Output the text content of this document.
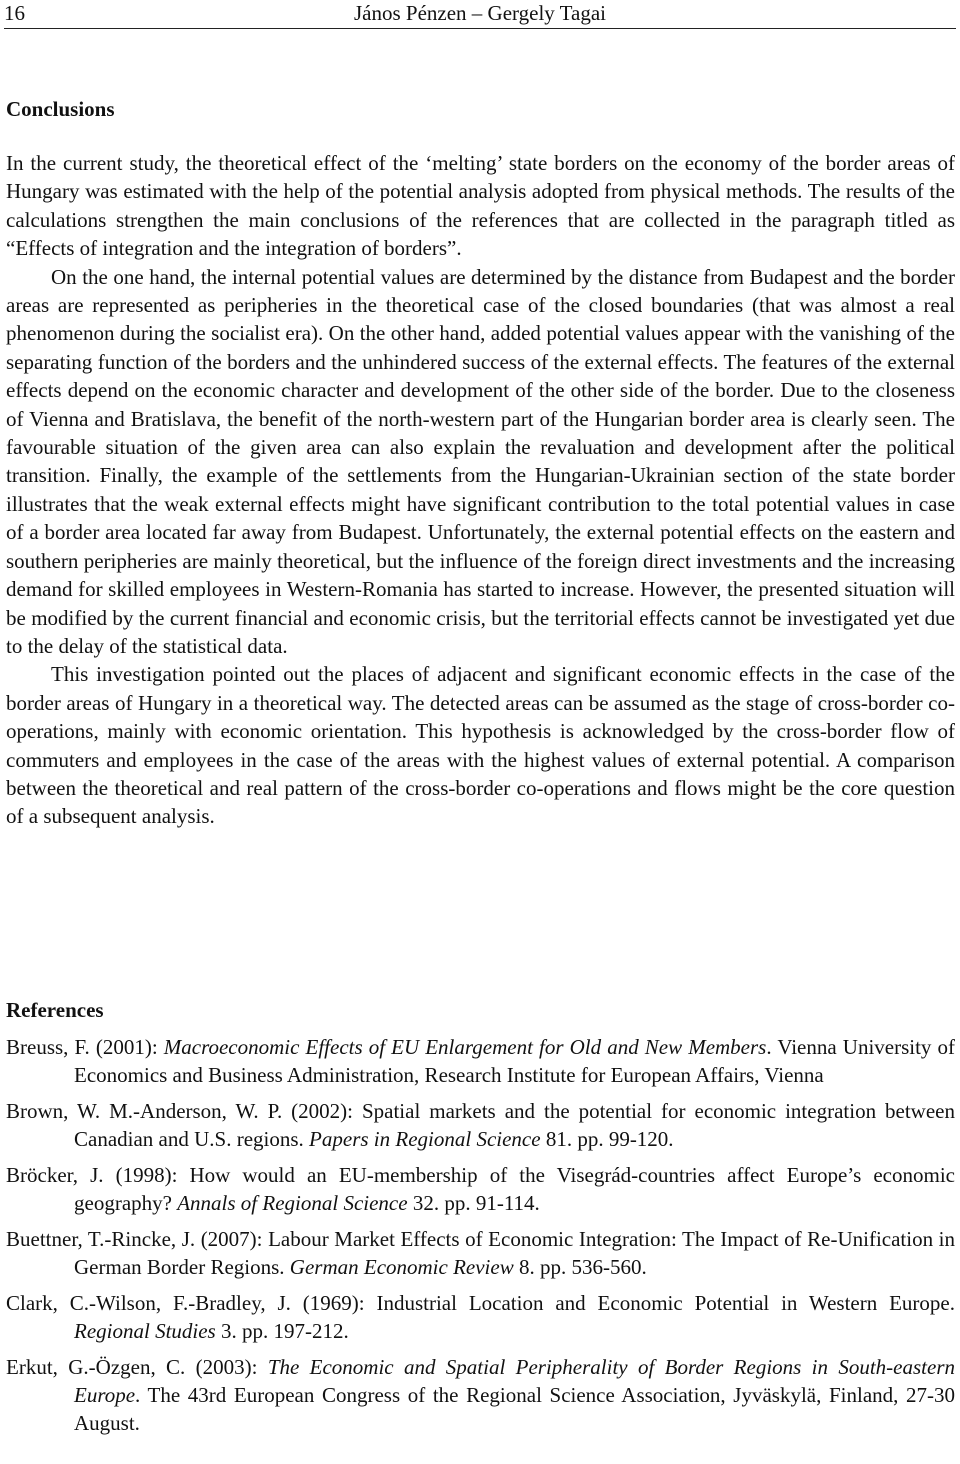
16	János Pénzen – Gergely Tagai
Conclusions

In the current study, the theoretical effect of the ‘melting’ state borders on the economy of the border areas of Hungary was estimated with the help of the potential analysis adopted from physical methods. The results of the calculations strengthen the main conclusions of the references that are collected in the paragraph titled as “Effects of integration and the integration of borders”.

On the one hand, the internal potential values are determined by the distance from Budapest and the border areas are represented as peripheries in the theoretical case of the closed boundaries (that was almost a real phenomenon during the socialist era). On the other hand, added potential values appear with the vanishing of the separating function of the borders and the unhindered success of the external effects. The features of the external effects depend on the economic character and development of the other side of the border. Due to the closeness of Vienna and Bratislava, the benefit of the north-western part of the Hungarian border area is clearly seen. The favourable situation of the given area can also explain the revaluation and development after the political transition. Finally, the example of the settlements from the Hungarian-Ukrainian section of the state border illustrates that the weak external effects might have significant contribution to the total potential values in case of a border area located far away from Budapest. Unfortunately, the external potential effects on the eastern and southern peripheries are mainly theoretical, but the influence of the foreign direct investments and the increasing demand for skilled employees in Western-Romania has started to increase. However, the presented situation will be modified by the current financial and economic crisis, but the territorial effects cannot be investigated yet due to the delay of the statistical data.

This investigation pointed out the places of adjacent and significant economic effects in the case of the border areas of Hungary in a theoretical way. The detected areas can be assumed as the stage of cross-border co-operations, mainly with economic orientation. This hypothesis is acknowledged by the cross-border flow of commuters and employees in the case of the areas with the highest values of external potential. A comparison between the theoretical and real pattern of the cross-border co-operations and flows might be the core question of a subsequent analysis.

References
Breuss, F. (2001): Macroeconomic Effects of EU Enlargement for Old and New Members. Vienna University of Economics and Business Administration, Research Institute for European Affairs, Vienna
Brown, W. M.-Anderson, W. P. (2002): Spatial markets and the potential for economic integration between Canadian and U.S. regions. Papers in Regional Science 81. pp. 99-120.
Bröcker, J. (1998): How would an EU-membership of the Visegrád-countries affect Europe’s economic geography? Annals of Regional Science 32. pp. 91-114.
Buettner, T.-Rincke, J. (2007): Labour Market Effects of Economic Integration: The Impact of Re-Unification in German Border Regions. German Economic Review 8. pp. 536-560.
Clark, C.-Wilson, F.-Bradley, J. (1969): Industrial Location and Economic Potential in Western Europe. Regional Studies 3. pp. 197-212.
Erkut, G.-Özgen, C. (2003): The Economic and Spatial Peripherality of Border Regions in South-eastern Europe. The 43rd European Congress of the Regional Science Association, Jyväskylä, Finland, 27-30 August.
